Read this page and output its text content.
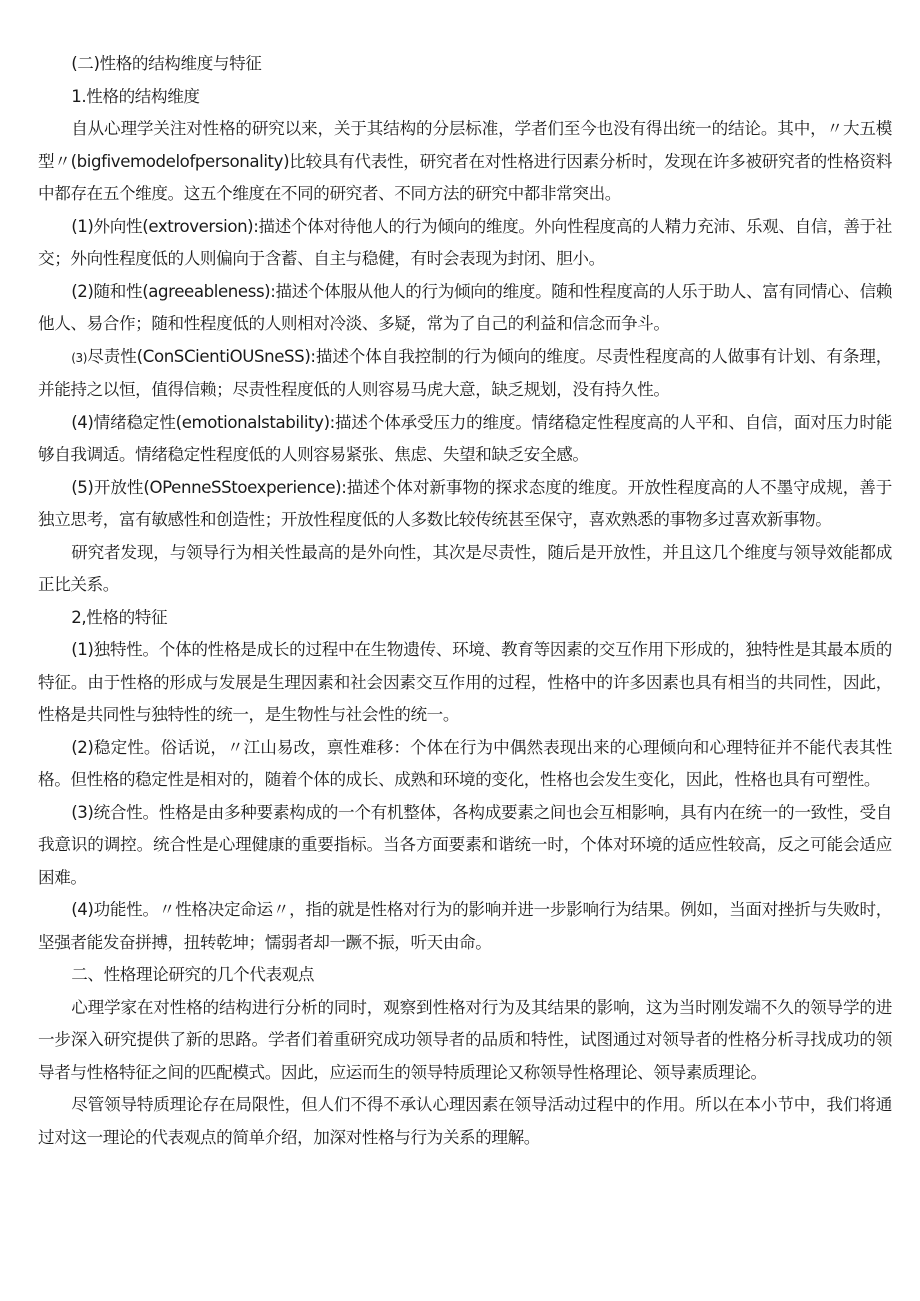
(二)性格的结构维度与特征

1.性格的结构维度

自从心理学关注对性格的研究以来，关于其结构的分层标准，学者们至今也没有得出统一的结论。其中，〃大五模型〃(bigfivemodelofpersonality)比较具有代表性，研究者在对性格进行因素分析时，发现在许多被研究者的性格资料中都存在五个维度。这五个维度在不同的研究者、不同方法的研究中都非常突出。

(1)外向性(extroversion):描述个体对待他人的行为倾向的维度。外向性程度高的人精力充沛、乐观、自信，善于社交；外向性程度低的人则偏向于含蓄、自主与稳健，有时会表现为封闭、胆小。

(2)随和性(agreeableness):描述个体服从他人的行为倾向的维度。随和性程度高的人乐于助人、富有同情心、信赖他人、易合作；随和性程度低的人则相对冷淡、多疑，常为了自己的利益和信念而争斗。

(3)尽责性(ConSCientiOUSneSS):描述个体自我控制的行为倾向的维度。尽责性程度高的人做事有计划、有条理，并能持之以恒，值得信赖；尽责性程度低的人则容易马虎大意，缺乏规划，没有持久性。

(4)情绪稳定性(emotionalstability):描述个体承受压力的维度。情绪稳定性程度高的人平和、自信，面对压力时能够自我调适。情绪稳定性程度低的人则容易紧张、焦虑、失望和缺乏安全感。

(5)开放性(OPenneSStoexperience):描述个体对新事物的探求态度的维度。开放性程度高的人不墨守成规，善于独立思考，富有敏感性和创造性；开放性程度低的人多数比较传统甚至保守，喜欢熟悉的事物多过喜欢新事物。

研究者发现，与领导行为相关性最高的是外向性，其次是尽责性，随后是开放性，并且这几个维度与领导效能都成正比关系。

2,性格的特征

(1)独特性。个体的性格是成长的过程中在生物遗传、环境、教育等因素的交互作用下形成的，独特性是其最本质的特征。由于性格的形成与发展是生理因素和社会因素交互作用的过程，性格中的许多因素也具有相当的共同性，因此，性格是共同性与独特性的统一，是生物性与社会性的统一。

(2)稳定性。俗话说，〃江山易改，禀性难移：个体在行为中偶然表现出来的心理倾向和心理特征并不能代表其性格。但性格的稳定性是相对的，随着个体的成长、成熟和环境的变化，性格也会发生变化，因此，性格也具有可塑性。

(3)统合性。性格是由多种要素构成的一个有机整体，各构成要素之间也会互相影响，具有内在统一的一致性，受自我意识的调控。统合性是心理健康的重要指标。当各方面要素和谐统一时，个体对环境的适应性较高，反之可能会适应困难。

(4)功能性。〃性格决定命运〃，指的就是性格对行为的影响并进一步影响行为结果。例如，当面对挫折与失败时，坚强者能发奋拼搏，扭转乾坤；懦弱者却一蹶不振，听天由命。

二、性格理论研究的几个代表观点

心理学家在对性格的结构进行分析的同时，观察到性格对行为及其结果的影响，这为当时刚发端不久的领导学的进一步深入研究提供了新的思路。学者们着重研究成功领导者的品质和特性，试图通过对领导者的性格分析寻找成功的领导者与性格特征之间的匹配模式。因此，应运而生的领导特质理论又称领导性格理论、领导素质理论。

尽管领导特质理论存在局限性，但人们不得不承认心理因素在领导活动过程中的作用。所以在本小节中，我们将通过对这一理论的代表观点的简单介绍，加深对性格与行为关系的理解。
